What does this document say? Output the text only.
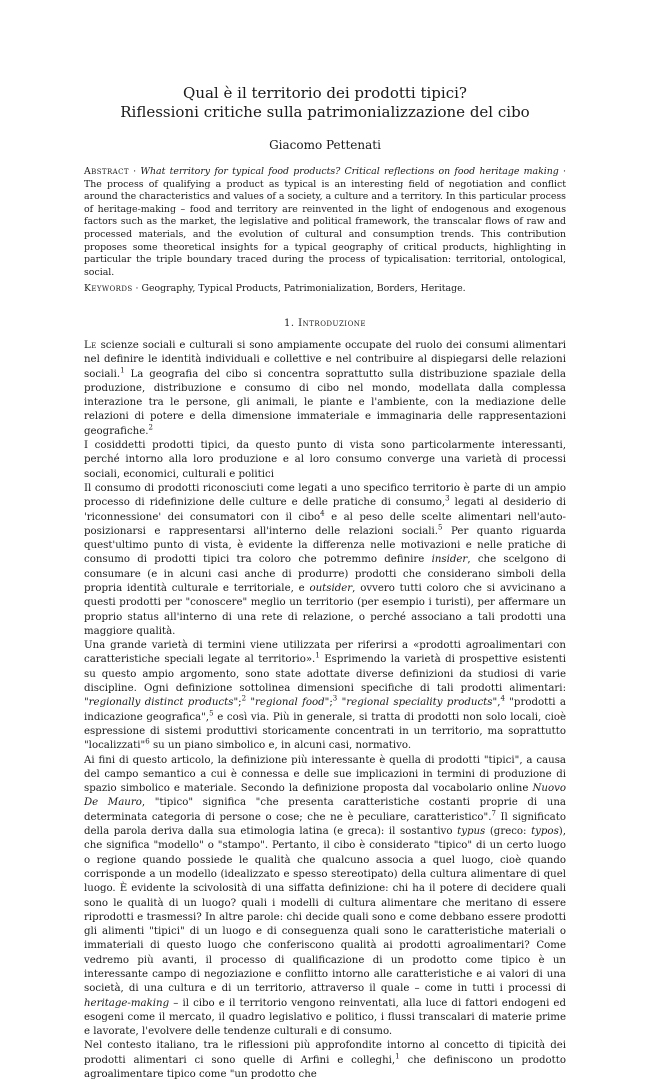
Qual è il territorio dei prodotti tipici?
Riflessioni critiche sulla patrimonializzazione del cibo
Giacomo Pettenati

Abstract · What territory for typical food products? Critical reflections on food heritage making · The process of qualifying a product as typical is an interesting field of negotiation and conflict around the characteristics and values of a society, a culture and a territory. In this particular process of heritage-making – food and territory are reinvented in the light of endogenous and exogenous factors such as the market, the legislative and political framework, the transcalar flows of raw and processed materials, and the evolution of cultural and consumption trends. This contribution proposes some theoretical insights for a typical geography of critical products, highlighting in particular the triple boundary traced during the process of typicalisation: territorial, ontological, social.

Keywords · Geography, Typical Products, Patrimonialization, Borders, Heritage.

1. Introduzione

Le scienze sociali e culturali si sono ampiamente occupate del ruolo dei consumi alimentari nel definire le identità individuali e collettive e nel contribuire al dispiegarsi delle relazioni sociali.$^1$ La geografia del cibo si concentra soprattutto sulla distribuzione spaziale della produzione, distribuzione e consumo di cibo nel mondo, modellata dalla complessa interazione tra le persone, gli animali, le piante e l'ambiente, con la mediazione delle relazioni di potere e della dimensione immateriale e immaginaria delle rappresentazioni geografiche.$^2$

I cosiddetti prodotti tipici, da questo punto di vista sono particolarmente interessanti, perché intorno alla loro produzione e al loro consumo converge una varietà di processi sociali, economici, culturali e politici

Il consumo di prodotti riconosciuti come legati a uno specifico territorio è parte di un ampio processo di ridefinizione delle culture e delle pratiche di consumo,$^3$ legati al desiderio di 'riconnessione' dei consumatori con il cibo$^4$ e al peso delle scelte alimentari nell'auto-posizionarsi e rappresentarsi all'interno delle relazioni sociali.$^5$ Per quanto riguarda quest'ultimo punto di vista, è evidente la differenza nelle motivazioni e nelle pratiche di consumo di prodotti tipici tra coloro che potremmo definire insider, che scelgono di consumare (e in alcuni casi anche di produrre) prodotti che considerano simboli della propria identità culturale e territoriale, e outsider, ovvero tutti coloro che si avvicinano a questi prodotti per "conoscere" meglio un territorio (per esempio i turisti), per affermare un proprio status all'interno di una rete di relazione, o perché associano a tali prodotti una maggiore qualità.

Una grande varietà di termini viene utilizzata per riferirsi a «prodotti agroalimentari con caratteristiche speciali legate al territorio».$^1$ Esprimendo la varietà di prospettive esistenti su questo ampio argomento, sono state adottate diverse definizioni da studiosi di varie discipline. Ogni definizione sottolinea dimensioni specifiche di tali prodotti alimentari: "regionally distinct products";$^2$ "regional food";$^3$ "regional speciality products",$^4$ "prodotti a indicazione geografica",$^5$ e così via. Più in generale, si tratta di prodotti non solo locali, cioè espressione di sistemi produttivi storicamente concentrati in un territorio, ma soprattutto "localizzati"$^6$ su un piano simbolico e, in alcuni casi, normativo.

Ai fini di questo articolo, la definizione più interessante è quella di prodotti "tipici", a causa del campo semantico a cui è connessa e delle sue implicazioni in termini di produzione di spazio simbolico e materiale. Secondo la definizione proposta dal vocabolario online Nuovo De Mauro, "tipico" significa "che presenta caratteristiche costanti proprie di una determinata categoria di persone o cose; che ne è peculiare, caratteristico".$^7$ Il significato della parola deriva dalla sua etimologia latina (e greca): il sostantivo typus (greco: typos), che significa "modello" o "stampo". Pertanto, il cibo è considerato "tipico" di un certo luogo o regione quando possiede le qualità che qualcuno associa a quel luogo, cioè quando corrisponde a un modello (idealizzato e spesso stereotipato) della cultura alimentare di quel luogo. È evidente la scivolosità di una siffatta definizione: chi ha il potere di decidere quali sono le qualità di un luogo? quali i modelli di cultura alimentare che meritano di essere riprodotti e trasmessi? In altre parole: chi decide quali sono e come debbano essere prodotti gli alimenti "tipici" di un luogo e di conseguenza quali sono le caratteristiche materiali o immateriali di questo luogo che conferiscono qualità ai prodotti agroalimentari? Come vedremo più avanti, il processo di qualificazione di un prodotto come tipico è un interessante campo di negoziazione e conflitto intorno alle caratteristiche e ai valori di una società, di una cultura e di un territorio, attraverso il quale – come in tutti i processi di heritage-making – il cibo e il territorio vengono reinventati, alla luce di fattori endogeni ed esogeni come il mercato, il quadro legislativo e politico, i flussi transcalari di materie prime e lavorate, l'evolvere delle tendenze culturali e di consumo.

Nel contesto italiano, tra le riflessioni più approfondite intorno al concetto di tipicità dei prodotti alimentari ci sono quelle di Arfini e colleghi,$^1$ che definiscono un prodotto agroalimentare tipico come "un prodotto che
